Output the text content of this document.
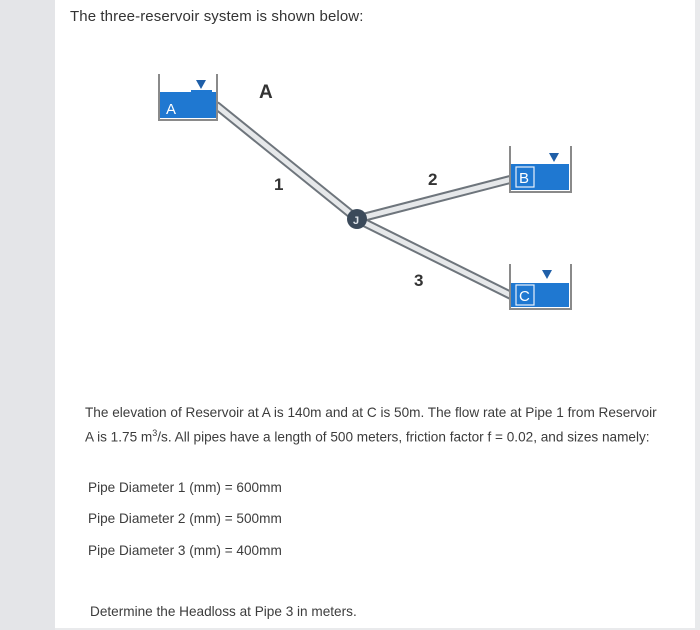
The three-reservoir system is shown below:
A
B
C
J
A
1	2
3
The elevation of Reservoir at A is 140m and at C is 50m. The flow rate at Pipe 1 from Reservoir A is 1.75 $m^3/s$. All pipes have a length of 500 meters, friction factor f = 0.02, and sizes namely:
Pipe Diameter 1 (mm) = 600mm
Pipe Diameter 2 (mm) = 500mm
Pipe Diameter 3 (mm) = 400mm
Determine the Headloss at Pipe 3 in meters.
